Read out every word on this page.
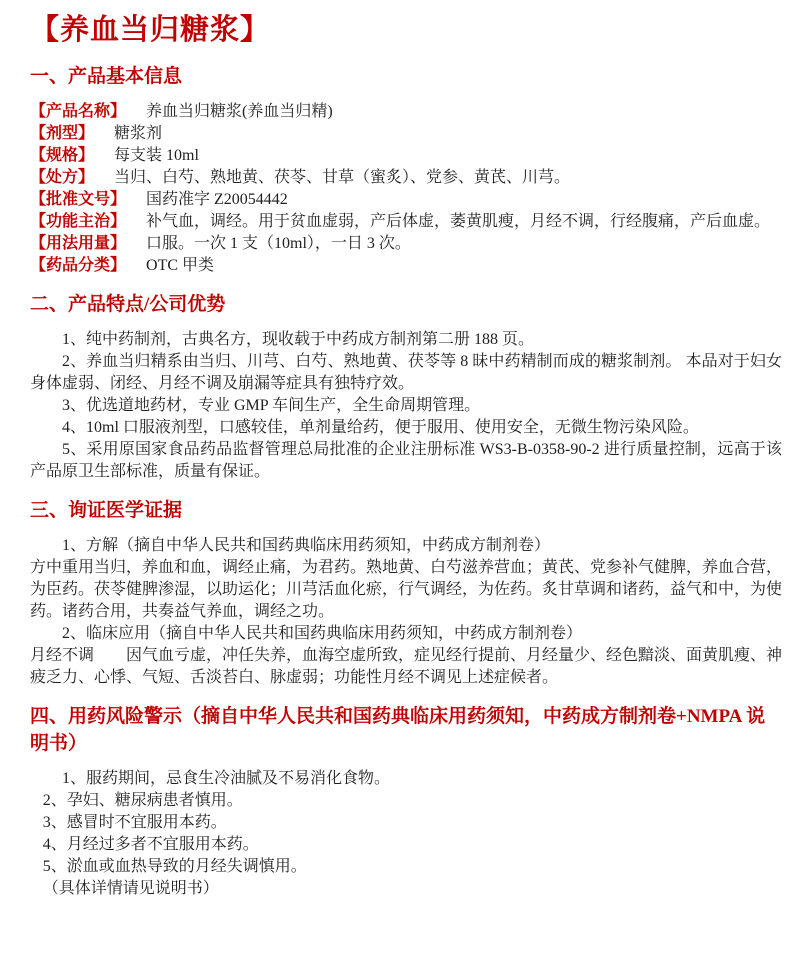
【养血当归糖浆】
一、产品基本信息
【产品名称】 养血当归糖浆(养血当归精)
【剂型】 糖浆剂
【规格】 每支装 10ml
【处方】 当归、白芍、熟地黄、茯苓、甘草（蜜炙）、党参、黄芪、川芎。
【批准文号】 国药准字 Z20054442
【功能主治】 补气血，调经。用于贫血虚弱，产后体虚，萎黄肌瘦，月经不调，行经腹痛，产后血虚。
【用法用量】 口服。一次 1 支（10ml），一日 3 次。
【药品分类】 OTC 甲类
二、产品特点/公司优势

1、纯中药制剂，古典名方，现收载于中药成方制剂第二册 188 页。

2、养血当归精系由当归、川芎、白芍、熟地黄、茯苓等 8 昧中药精制而成的糖浆制剂。 本品对于妇女身体虚弱、闭经、月经不调及崩漏等症具有独特疗效。

3、优选道地药材，专业 GMP 车间生产，全生命周期管理。

4、10ml 口服液剂型，口感较佳，单剂量给药，便于服用、使用安全，无微生物污染风险。

5、采用原国家食品药品监督管理总局批准的企业注册标准 WS3-B-0358-90-2 进行质量控制，远高于该产品原卫生部标准，质量有保证。

三、询证医学证据

1、方解（摘自中华人民共和国药典临床用药须知，中药成方制剂卷）

方中重用当归，养血和血，调经止痛，为君药。熟地黄、白芍滋养营血；黄芪、党参补气健脾，养血合营，为臣药。茯苓健脾渗湿，以助运化；川芎活血化瘀，行气调经，为佐药。炙甘草调和诸药，益气和中，为使药。诸药合用，共奏益气养血，调经之功。

2、临床应用（摘自中华人民共和国药典临床用药须知，中药成方制剂卷）

月经不调　　因气血亏虚，冲任失养，血海空虚所致，症见经行提前、月经量少、经色黯淡、面黄肌瘦、神疲乏力、心悸、气短、舌淡苔白、脉虚弱；功能性月经不调见上述症候者。

四、用药风险警示（摘自中华人民共和国药典临床用药须知，中药成方制剂卷+NMPA 说明书）

1、服药期间，忌食生冷油腻及不易消化食物。

2、孕妇、糖尿病患者慎用。

3、感冒时不宜服用本药。

4、月经过多者不宜服用本药。

5、淤血或血热导致的月经失调慎用。

（具体详情请见说明书）
